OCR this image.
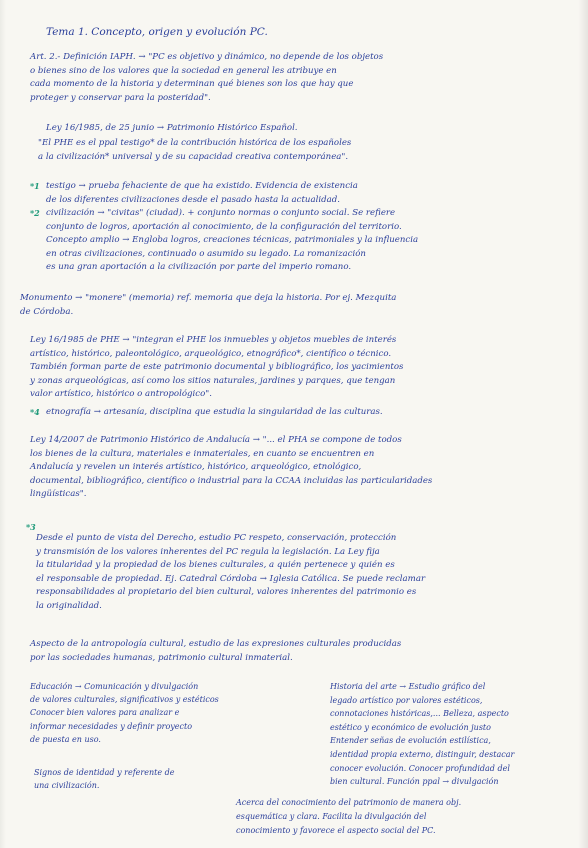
Tema 1. Concepto, origen y evolución PC.
Art. 2.- Definición IAPH. → "PC es objetivo y dinámico, no depende de los objetos
o bienes sino de los valores que la sociedad en general les atribuye en
cada momento de la historia y determinan qué bienes son los que hay que
proteger y conservar para la posteridad".
Ley 16/1985, de 25 junio → Patrimonio Histórico Español.
"El PHE es el ppal testigo* de la contribución histórica de los españoles
a la civilización* universal y de su capacidad creativa contemporánea".
*1 testigo → prueba fehaciente de que ha existido. Evidencia de existencia
de los diferentes civilizaciones desde el pasado hasta la actualidad.
*2 civilización → "civitas" (ciudad). + conjunto normas o conjunto social. Se refiere
conjunto de logros, aportación al conocimiento, de la configuración del territorio.
Concepto amplio → Engloba logros, creaciones técnicas, patrimoniales y la influencia
en otras civilizaciones, continuado o asumido su legado. La romanización
es una gran aportación a la civilización por parte del imperio romano.
Monumento → "monere" (memoria) ref. memoria que deja la historia. Por ej. Mezquita
de Córdoba.
Ley 16/1985 de PHE → "integran el PHE los inmuebles y objetos muebles de interés
artístico, histórico, paleontológico, arqueológico, etnográfico*, científico o técnico.
También forman parte de este patrimonio documental y bibliográfico, los yacimientos
y zonas arqueológicas, así como los sitios naturales, jardines y parques, que tengan
valor artístico, histórico o antropológico".
*4 etnografía → artesanía, disciplina que estudia la singularidad de las culturas.
Ley 14/2007 de Patrimonio Histórico de Andalucía → "... el PHA se compone de todos
los bienes de la cultura, materiales e inmateriales, en cuanto se encuentren en
Andalucía y revelen un interés artístico, histórico, arqueológico, etnológico,
documental, bibliográfico, científico o industrial para la CCAA incluidas las particularidades
lingüísticas".
*3
Desde el punto de vista del Derecho, estudio PC respeto, conservación, protección
y transmisión de los valores inherentes del PC regula la legislación. La Ley fija
la titularidad y la propiedad de los bienes culturales, a quién pertenece y quién es
el responsable de propiedad. Ej. Catedral Córdoba → Iglesia Católica. Se puede reclamar
responsabilidades al propietario del bien cultural, valores inherentes del patrimonio es
la originalidad.
Aspecto de la antropología cultural, estudio de las expresiones culturales producidas
por las sociedades humanas, patrimonio cultural inmaterial.
Educación → Comunicación y divulgación
de valores culturales, significativos y estéticos
Conocer bien valores para analizar e
informar necesidades y definir proyecto
de puesta en uso.
Signos de identidad y referente de
una civilización.
Historia del arte → Estudio gráfico del
legado artístico por valores estéticos,
connotaciones históricas,... Belleza, aspecto
estético y económico de evolución justo
Entender señas de evolución estilística,
identidad propia externo, distinguir, destacar
conocer evolución. Conocer profundidad del
bien cultural. Función ppal → divulgación
Acerca del conocimiento del patrimonio de manera obj.
esquemática y clara. Facilita la divulgación del
conocimiento y favorece el aspecto social del PC.
